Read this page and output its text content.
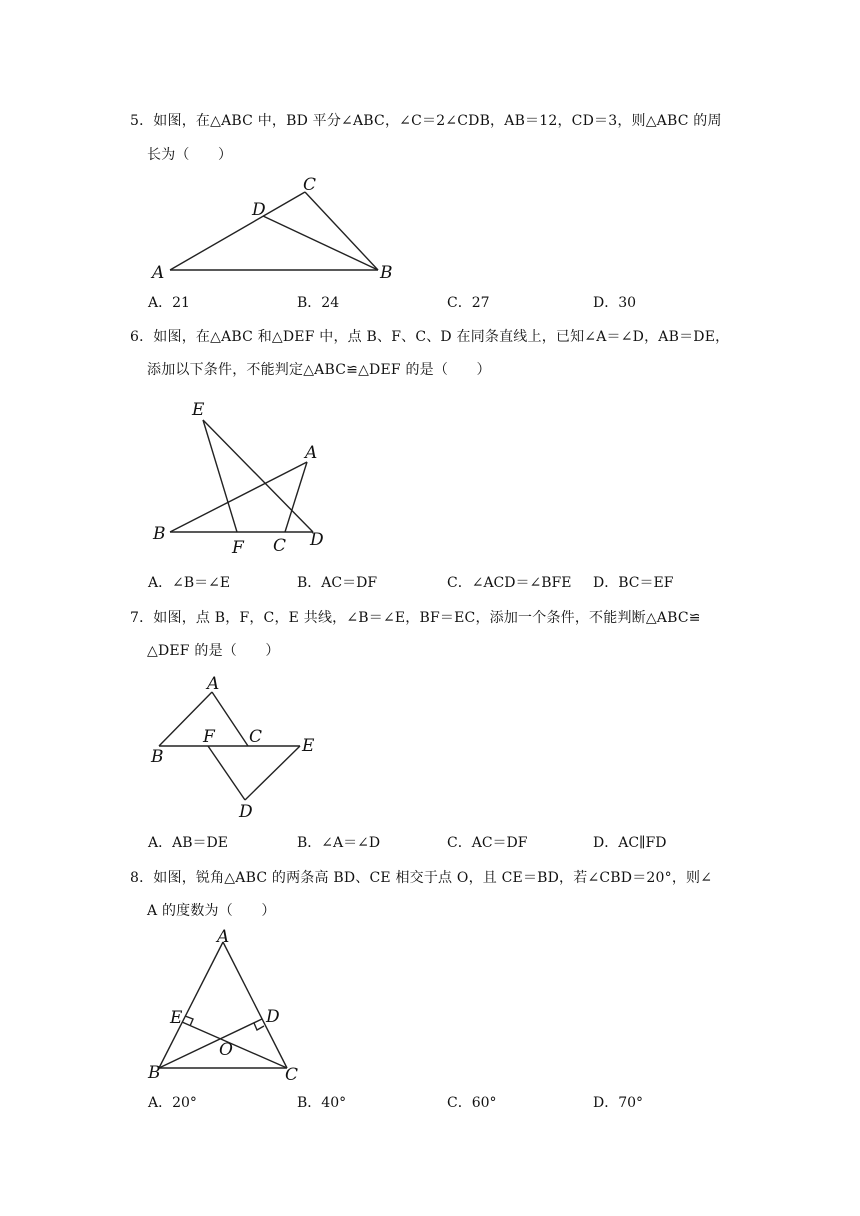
5．如图，在△ABC 中，BD 平分∠ABC，∠C＝2∠CDB，AB＝12，CD＝3，则△ABC 的周
长为（　　）
A	B
C
D
A．21	B．24	C．27	D．30
6．如图，在△ABC 和△DEF 中，点 B、F、C、D 在同条直线上，已知∠A＝∠D，AB＝DE，
添加以下条件，不能判定△ABC≌△DEF 的是（　　）
E
A
B
F C D
A．∠B＝∠E	B．AC＝DF	C．∠ACD＝∠BFE D．BC＝EF
7．如图，点 B，F，C，E 共线，∠B＝∠E，BF＝EC，添加一个条件，不能判断△ABC≌
△DEF 的是（　　）
A
B
F C E
D
A．AB＝DE	B．∠A＝∠D	C．AC＝DF	D．AC∥FD
8．如图，锐角△ABC 的两条高 BD、CE 相交于点 O，且 CE＝BD，若∠CBD＝20°，则∠
A 的度数为（　　）
A
E	D
O
B	C
A．20°	B．40°	C．60°	D．70°
